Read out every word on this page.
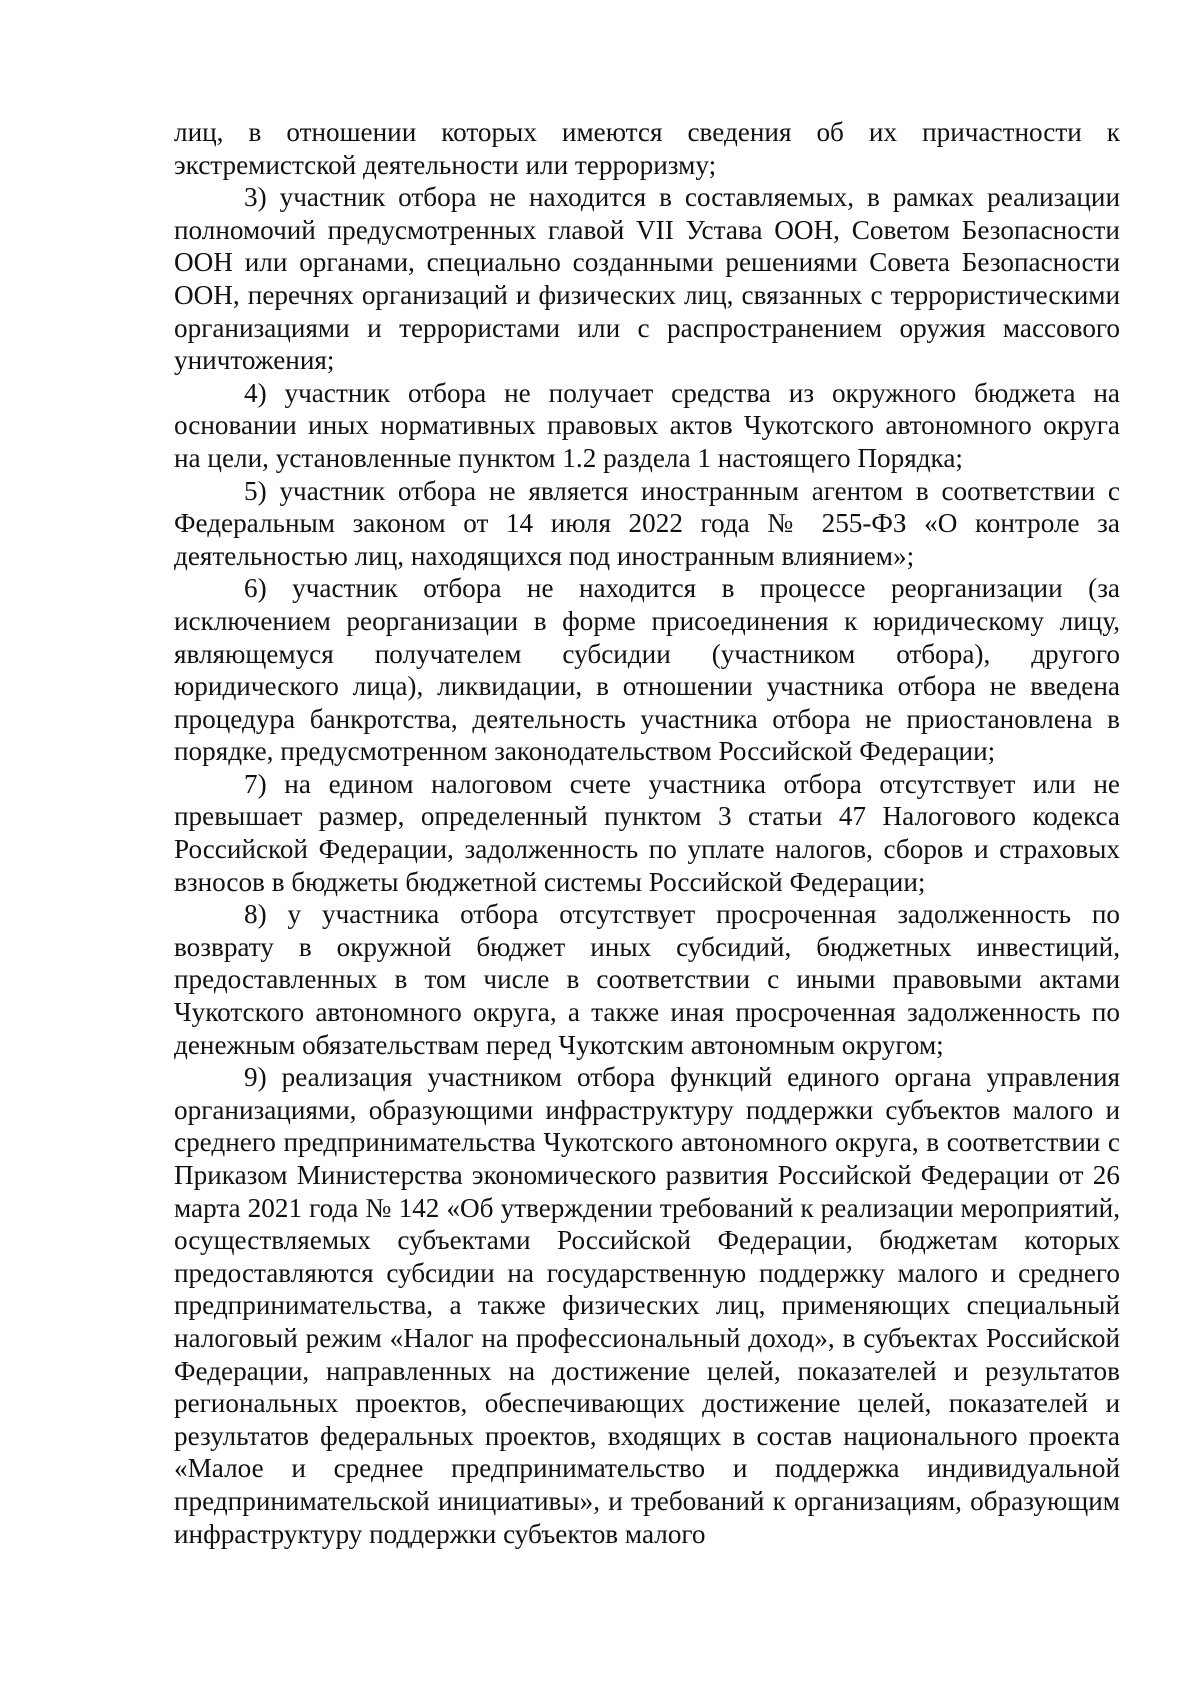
лиц, в отношении которых имеются сведения об их причастности к экстремистской деятельности или терроризму;

3) участник отбора не находится в составляемых, в рамках реализации полномочий предусмотренных главой VII Устава ООН, Советом Безопасности ООН или органами, специально созданными решениями Совета Безопасности ООН, перечнях организаций и физических лиц, связанных с террористическими организациями и террористами или с распространением оружия массового уничтожения;

4) участник отбора не получает средства из окружного бюджета на основании иных нормативных правовых актов Чукотского автономного округа на цели, установленные пунктом 1.2 раздела 1 настоящего Порядка;

5) участник отбора не является иностранным агентом в соответствии с Федеральным законом от 14 июля 2022 года № 255-ФЗ «О контроле за деятельностью лиц, находящихся под иностранным влиянием»;

6) участник отбора не находится в процессе реорганизации (за исключением реорганизации в форме присоединения к юридическому лицу, являющемуся получателем субсидии (участником отбора), другого юридического лица), ликвидации, в отношении участника отбора не введена процедура банкротства, деятельность участника отбора не приостановлена в порядке, предусмотренном законодательством Российской Федерации;

7) на едином налоговом счете участника отбора отсутствует или не превышает размер, определенный пунктом 3 статьи 47 Налогового кодекса Российской Федерации, задолженность по уплате налогов, сборов и страховых взносов в бюджеты бюджетной системы Российской Федерации;

8) у участника отбора отсутствует просроченная задолженность по возврату в окружной бюджет иных субсидий, бюджетных инвестиций, предоставленных в том числе в соответствии с иными правовыми актами Чукотского автономного округа, а также иная просроченная задолженность по денежным обязательствам перед Чукотским автономным округом;

9) реализация участником отбора функций единого органа управления организациями, образующими инфраструктуру поддержки субъектов малого и среднего предпринимательства Чукотского автономного округа, в соответствии с Приказом Министерства экономического развития Российской Федерации от 26 марта 2021 года № 142 «Об утверждении требований к реализации мероприятий, осуществляемых субъектами Российской Федерации, бюджетам которых предоставляются субсидии на государственную поддержку малого и среднего предпринимательства, а также физических лиц, применяющих специальный налоговый режим «Налог на профессиональный доход», в субъектах Российской Федерации, направленных на достижение целей, показателей и результатов региональных проектов, обеспечивающих достижение целей, показателей и результатов федеральных проектов, входящих в состав национального проекта «Малое и среднее предпринимательство и поддержка индивидуальной предпринимательской инициативы», и требований к организациям, образующим инфраструктуру поддержки субъектов малого
